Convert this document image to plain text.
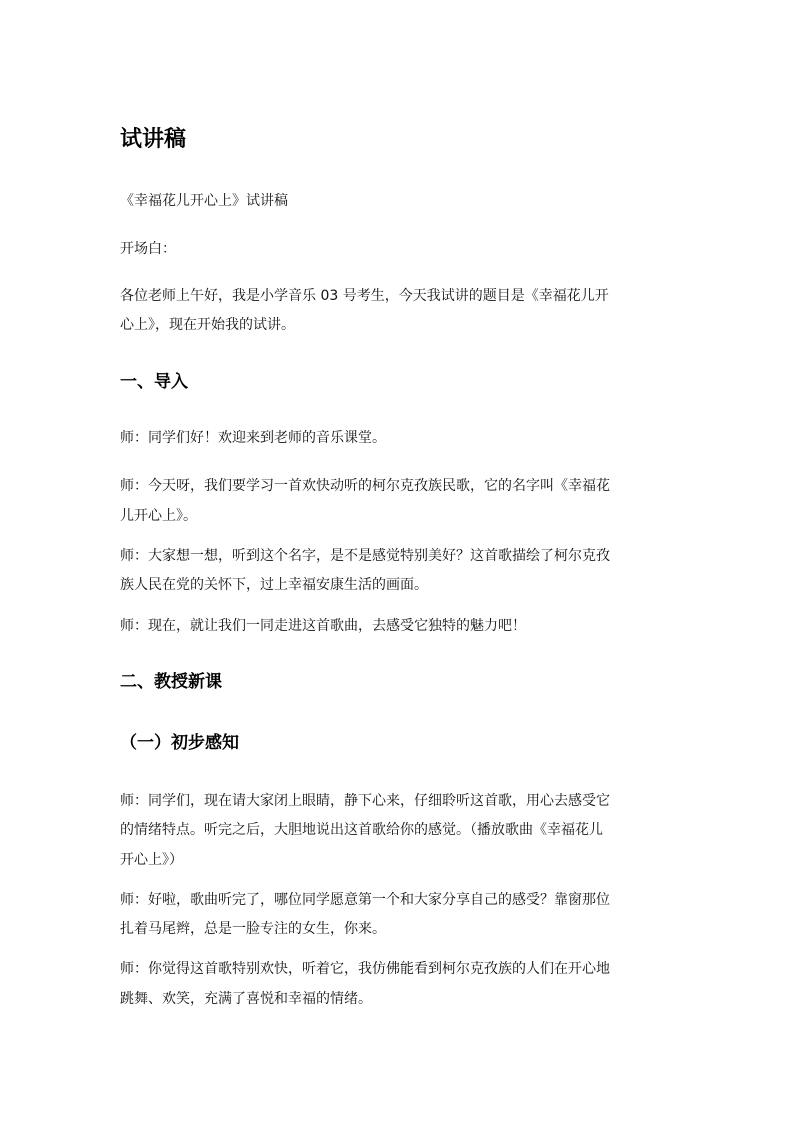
试讲稿

《幸福花儿开心上》试讲稿

开场白：

各位老师上午好，我是小学音乐 03 号考生，今天我试讲的题目是《幸福花儿开

心上》，现在开始我的试讲。

一、导入

师：同学们好！欢迎来到老师的音乐课堂。

师：今天呀，我们要学习一首欢快动听的柯尔克孜族民歌，它的名字叫《幸福花

儿开心上》。

师：大家想一想，听到这个名字，是不是感觉特别美好？这首歌描绘了柯尔克孜

族人民在党的关怀下，过上幸福安康生活的画面。

师：现在，就让我们一同走进这首歌曲，去感受它独特的魅力吧！

二、教授新课
（一）初步感知

师：同学们，现在请大家闭上眼睛，静下心来，仔细聆听这首歌，用心去感受它

的情绪特点。听完之后，大胆地说出这首歌给你的感觉。（播放歌曲《幸福花儿

开心上》）

师：好啦，歌曲听完了，哪位同学愿意第一个和大家分享自己的感受？靠窗那位

扎着马尾辫，总是一脸专注的女生，你来。

师：你觉得这首歌特别欢快，听着它，我仿佛能看到柯尔克孜族的人们在开心地

跳舞、欢笑，充满了喜悦和幸福的情绪。
